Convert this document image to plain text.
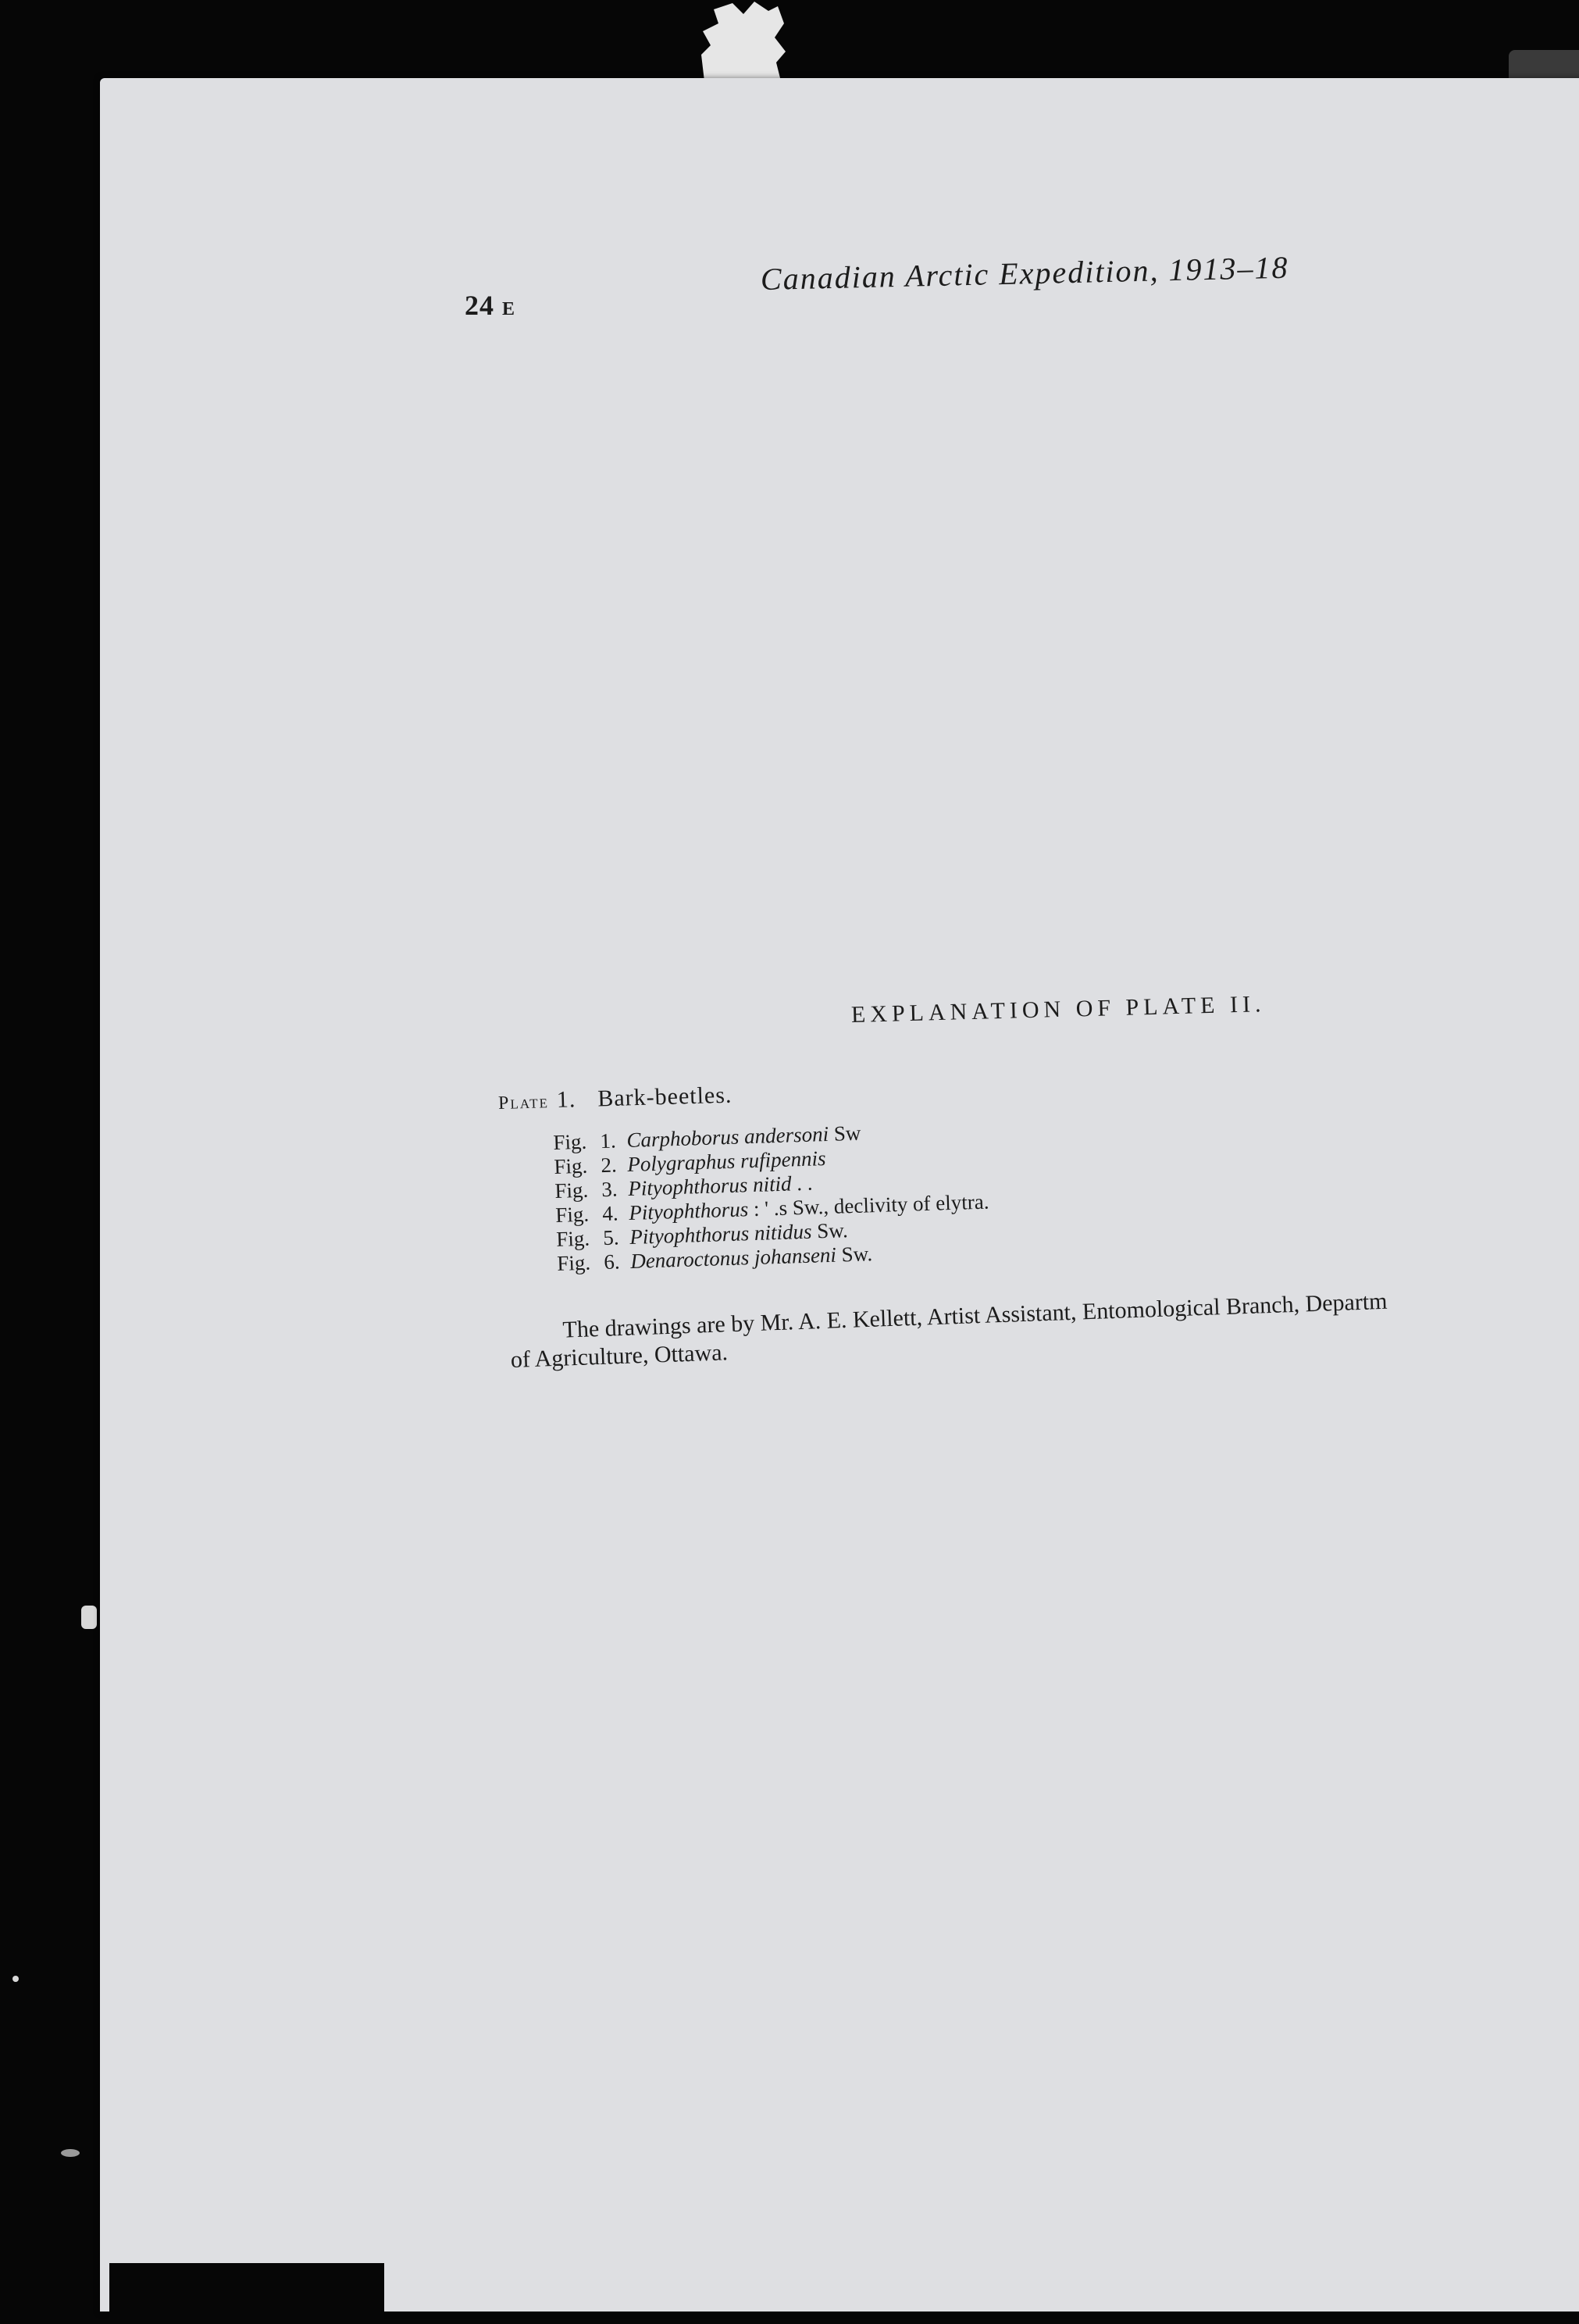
24 E
Canadian Arctic Expedition, 1913–18
EXPLANATION OF PLATE II.
Plate 1. Bark-beetles.
Fig. 1. Carphoborus andersoni Sw
Fig. 2. Polygraphus rufipennis
Fig. 3. Pityophthorus nitid . .
Fig. 4. Pityophthorus : ' .s Sw., declivity of elytra.
Fig. 5. Pityophthorus nitidus Sw.
Fig. 6. Denaroctonus johanseni Sw.

The drawings are by Mr. A. E. Kellett, Artist Assistant, Entomological Branch, Departm

of Agriculture, Ottawa.
